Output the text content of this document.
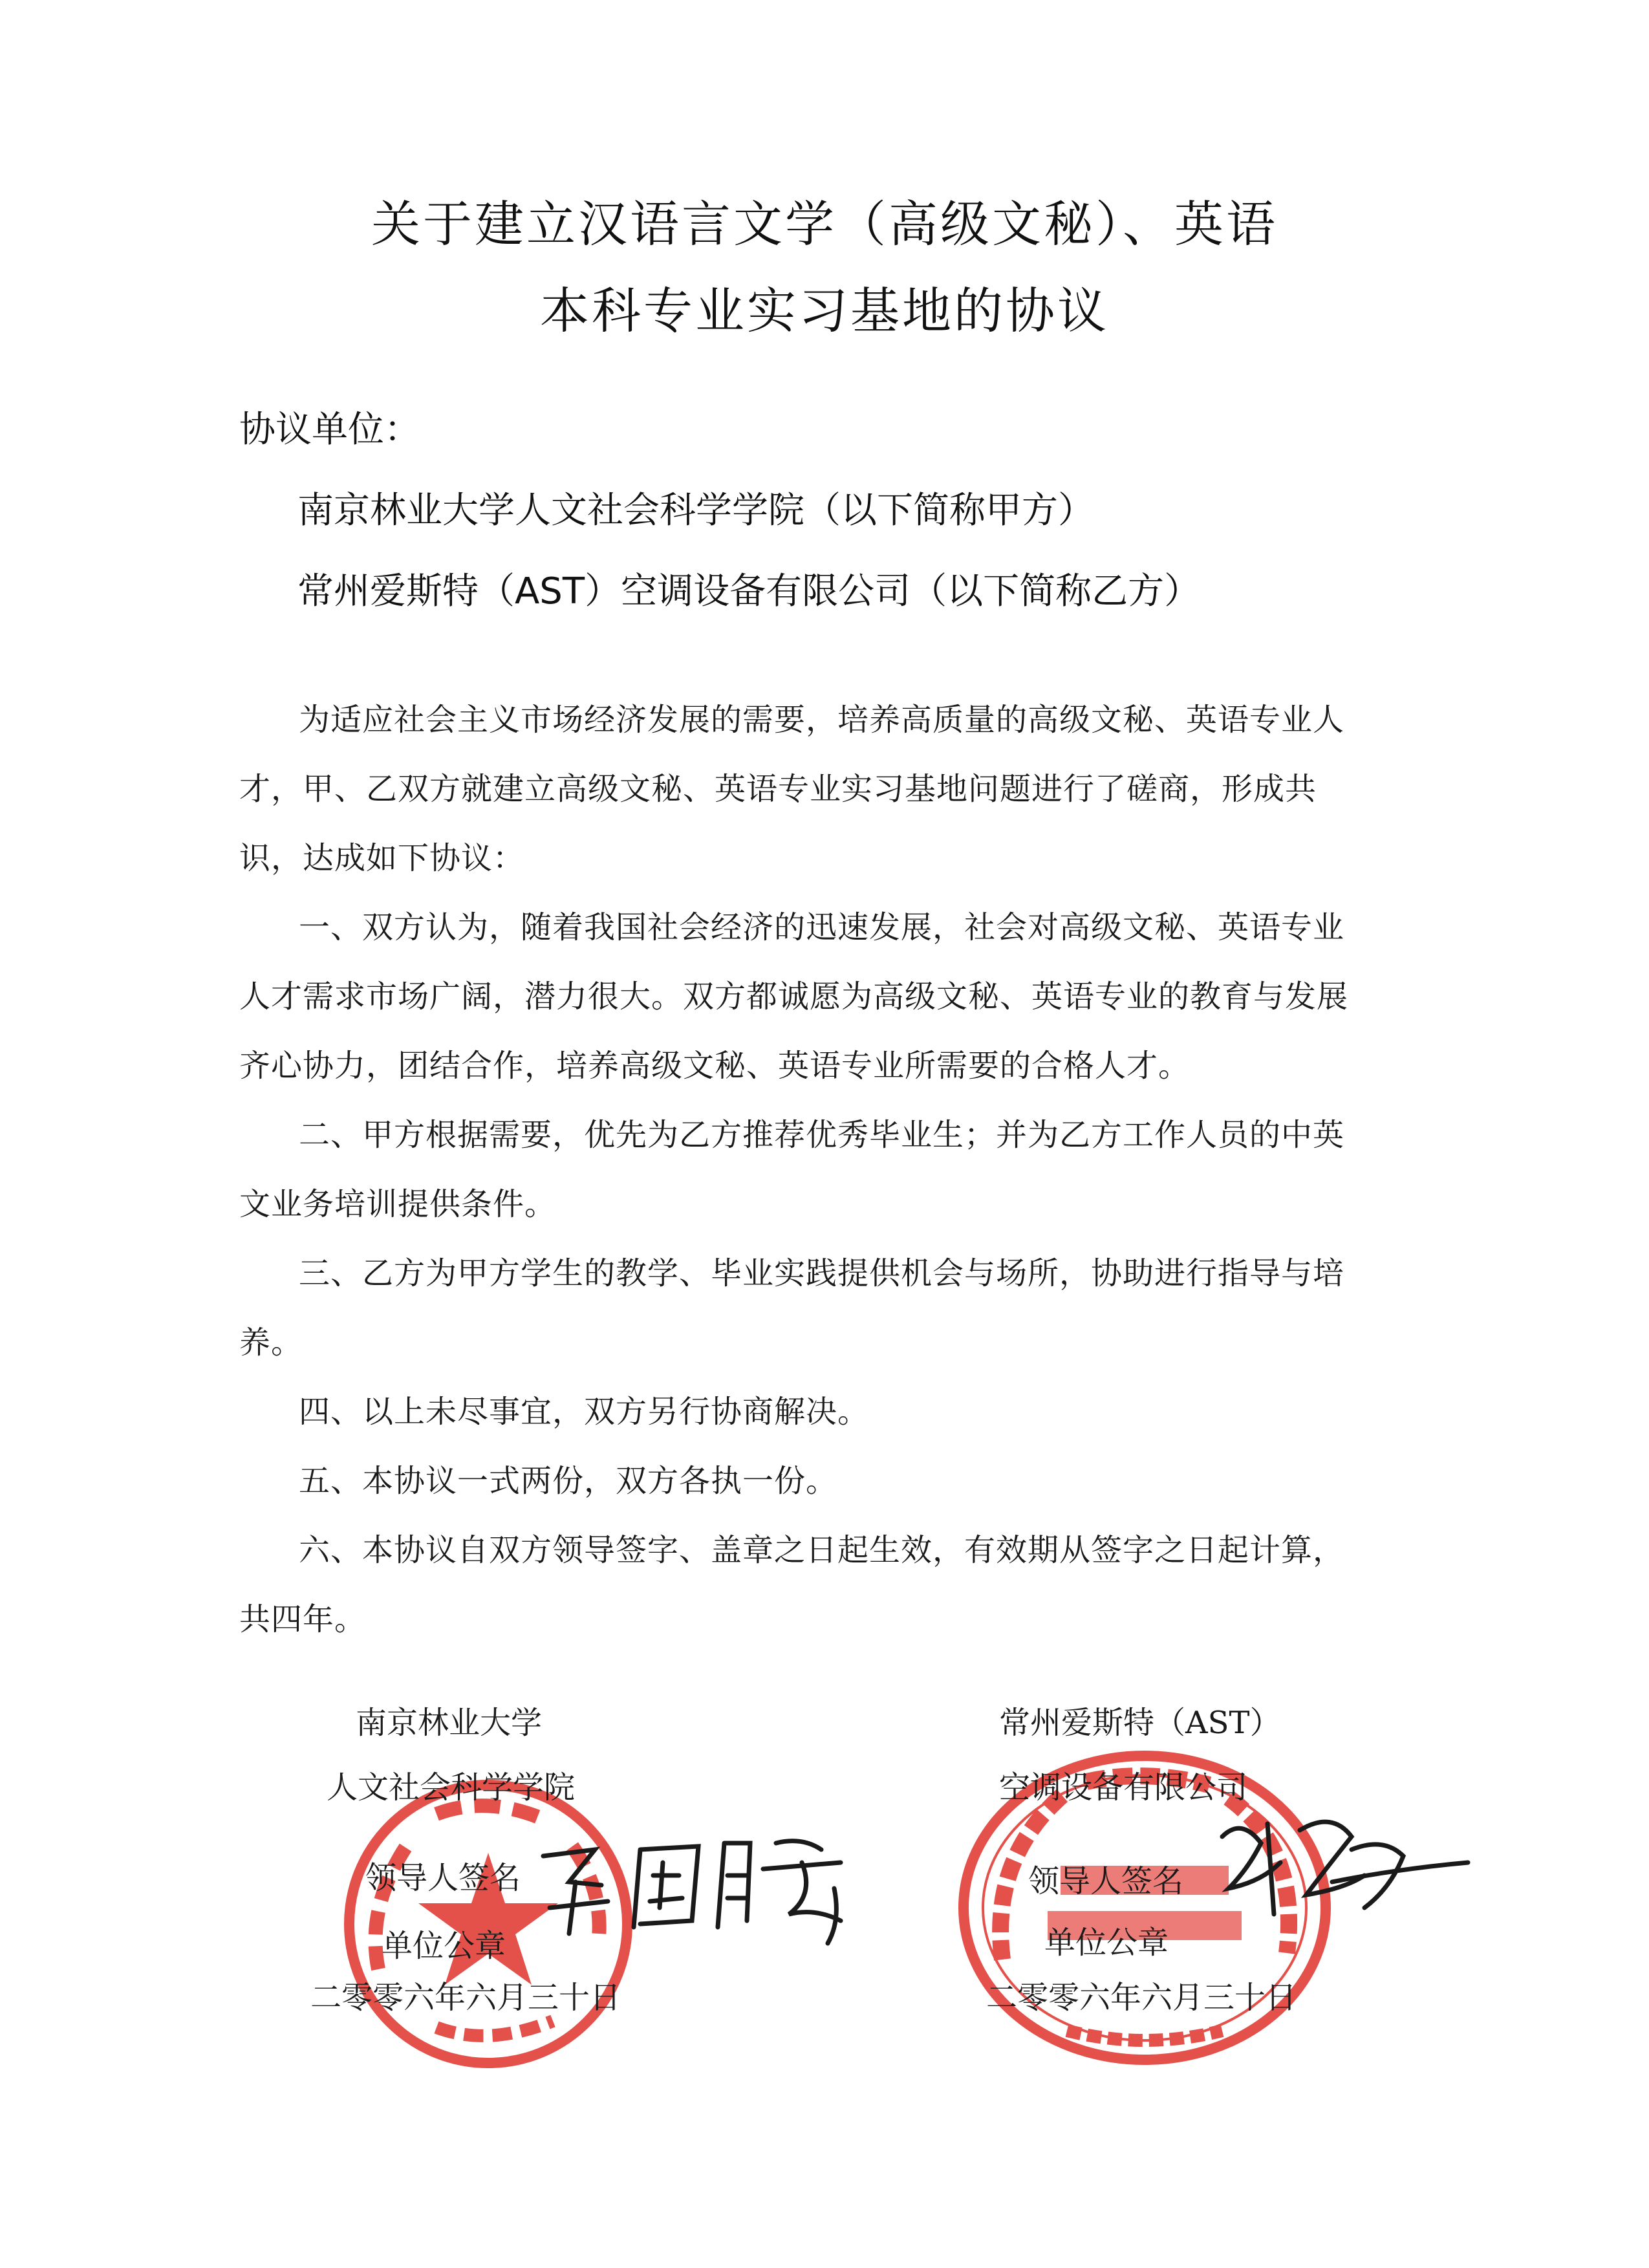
关于建立汉语言文学（高级文秘）、英语
本科专业实习基地的协议
协议单位：
南京林业大学人文社会科学学院（以下简称甲方）
常州爱斯特（AST）空调设备有限公司（以下简称乙方）
为适应社会主义市场经济发展的需要，培养高质量的高级文秘、英语专业人才，甲、乙双方就建立高级文秘、英语专业实习基地问题进行了磋商，形成共识，达成如下协议：
一、双方认为，随着我国社会经济的迅速发展，社会对高级文秘、英语专业人才需求市场广阔，潜力很大。双方都诚愿为高级文秘、英语专业的教育与发展齐心协力，团结合作，培养高级文秘、英语专业所需要的合格人才。
二、甲方根据需要，优先为乙方推荐优秀毕业生；并为乙方工作人员的中英文业务培训提供条件。
三、乙方为甲方学生的教学、毕业实践提供机会与场所，协助进行指导与培养。
四、以上未尽事宜，双方另行协商解决。
五、本协议一式两份，双方各执一份。
六、本协议自双方领导签字、盖章之日起生效，有效期从签字之日起计算，共四年。
南京林业大学
人文社会科学学院
领导人签名
单位公章
二零零六年六月三十日
常州爱斯特（AST）
空调设备有限公司
领导人签名
单位公章
二零零六年六月三十日
